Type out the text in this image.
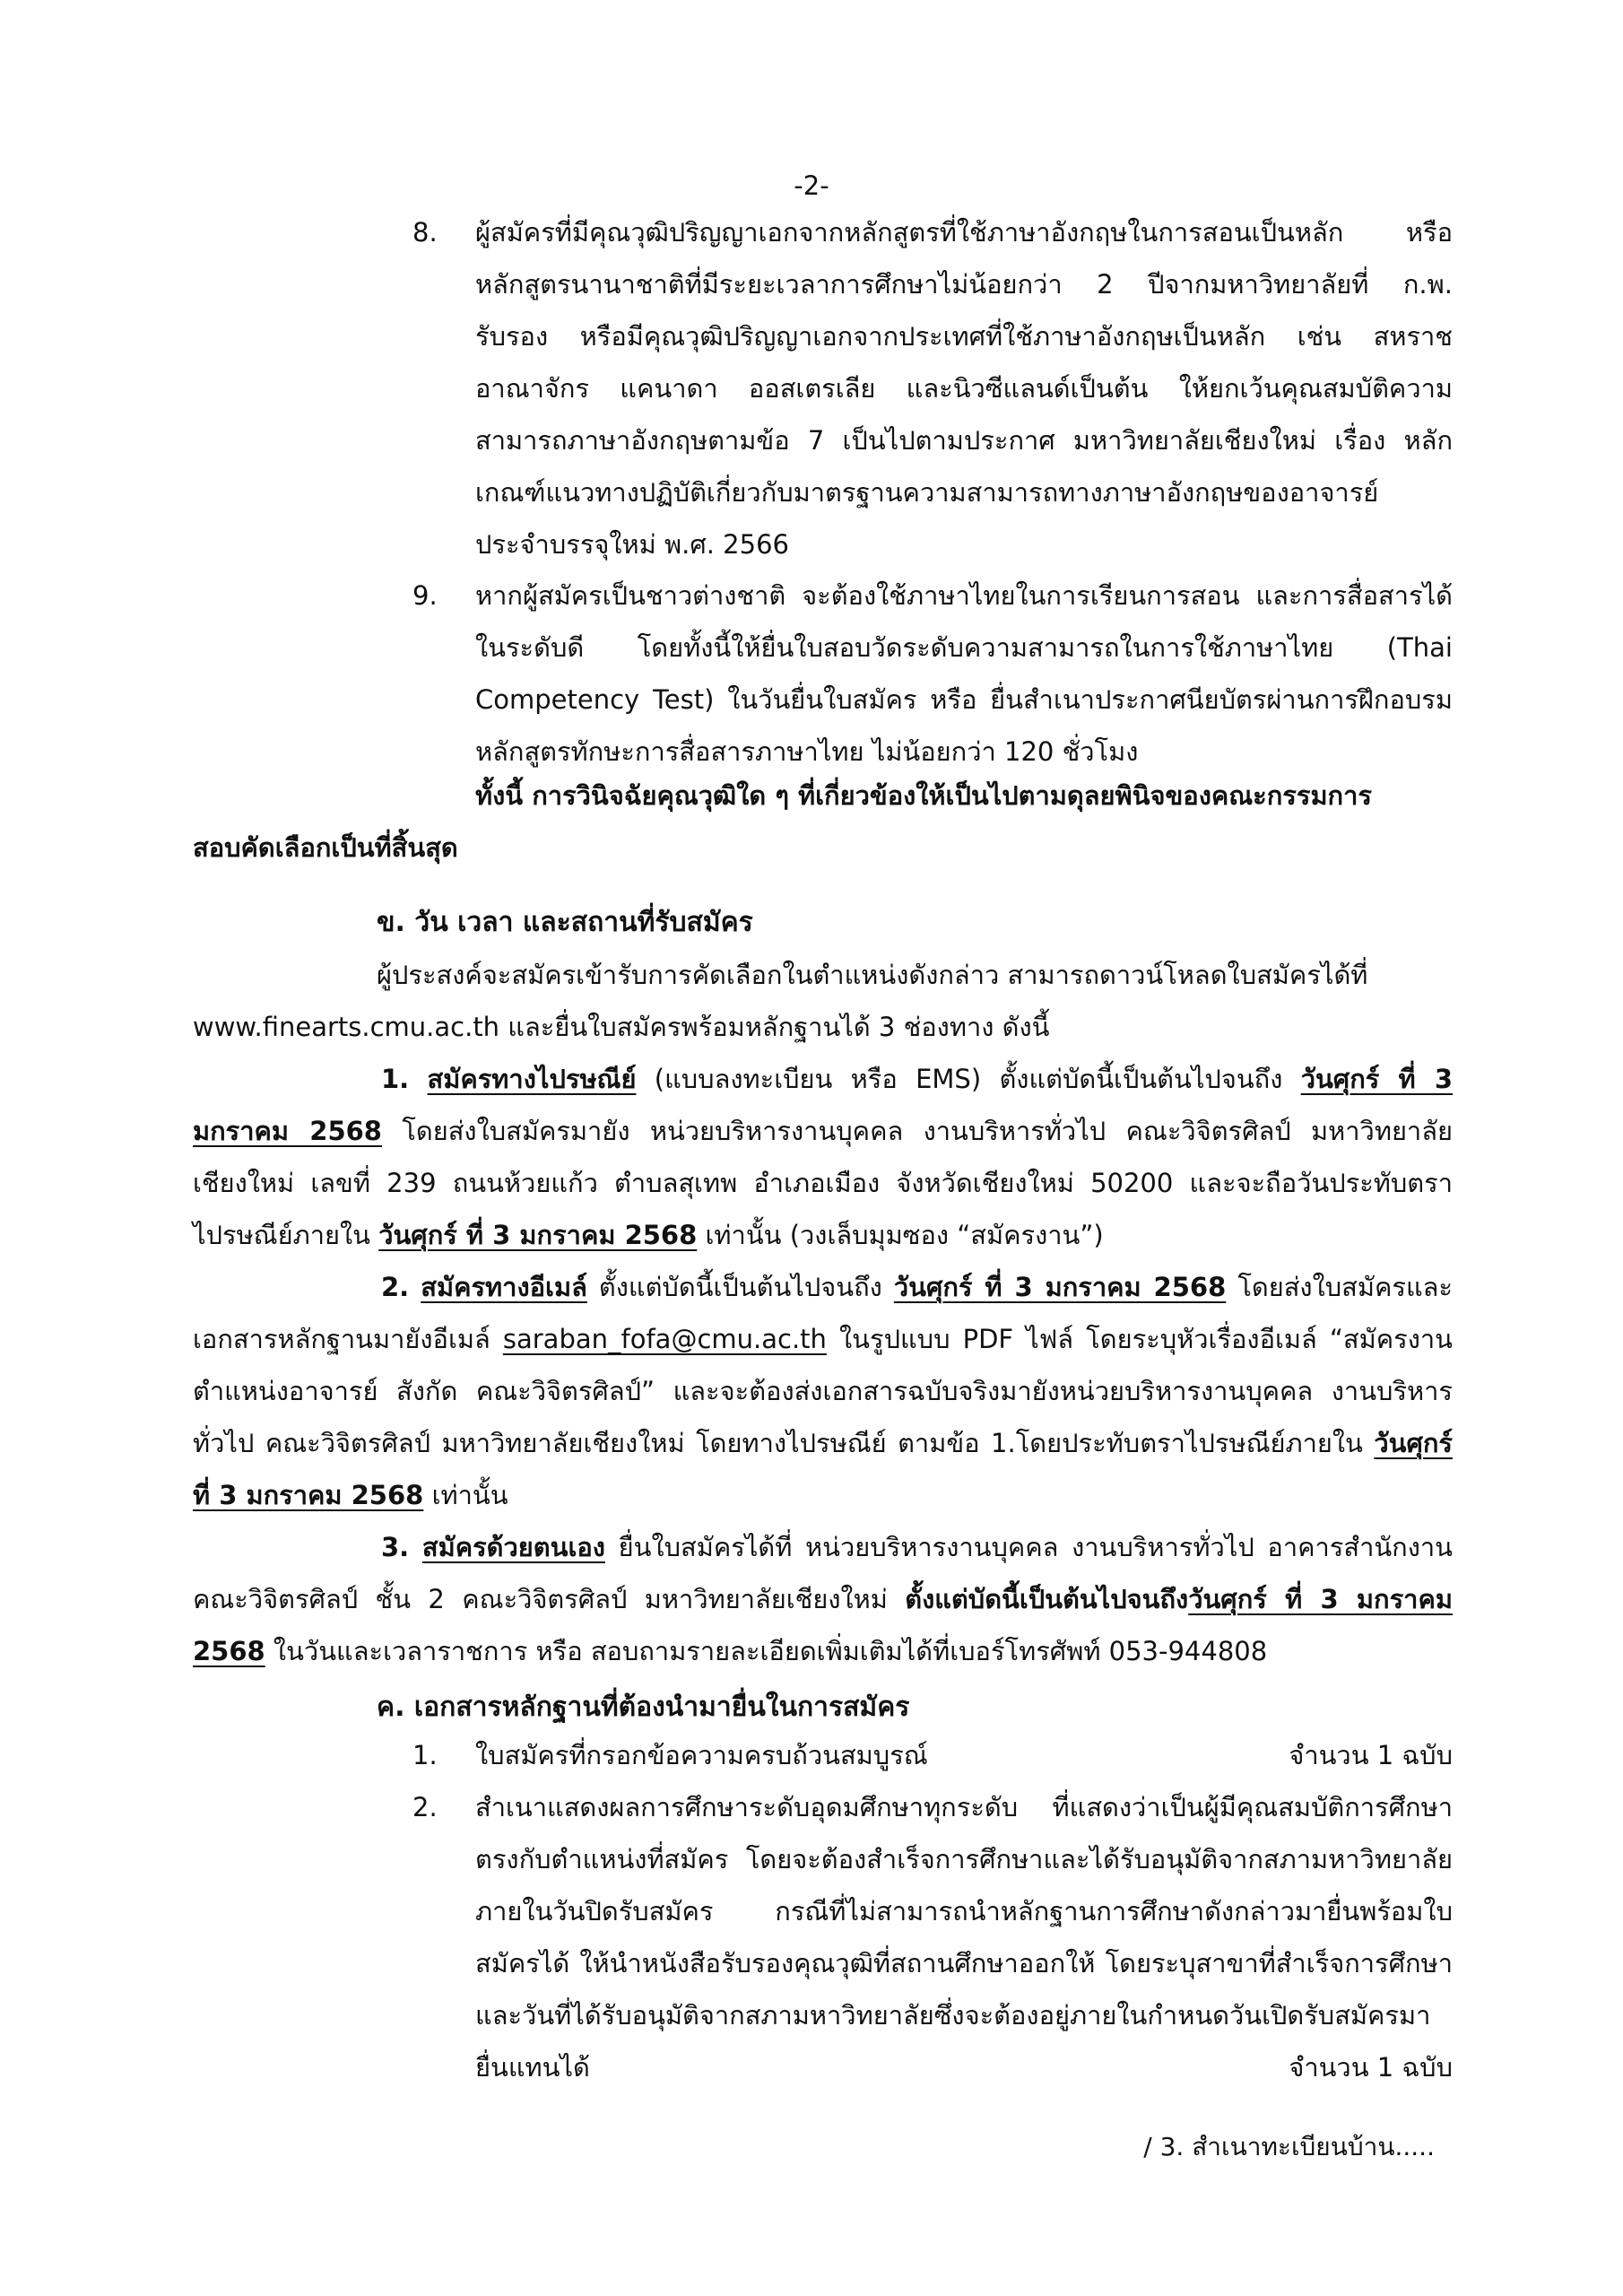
-2-
8. ผู้สมัครที่มีคุณวุฒิปริญญาเอกจากหลักสูตรที่ใช้ภาษาอังกฤษในการสอนเป็นหลัก หรือหลักสูตรนานาชาติที่มีระยะเวลาการศึกษาไม่น้อยกว่า 2 ปีจากมหาวิทยาลัยที่ ก.พ. รับรอง หรือมีคุณวุฒิปริญญาเอกจากประเทศที่ใช้ภาษาอังกฤษเป็นหลัก เช่น สหราชอาณาจักร แคนาดา ออสเตรเลีย และนิวซีแลนด์เป็นต้น ให้ยกเว้นคุณสมบัติความสามารถภาษาอังกฤษตามข้อ 7 เป็นไปตามประกาศ มหาวิทยาลัยเชียงใหม่ เรื่อง หลักเกณฑ์แนวทางปฏิบัติเกี่ยวกับมาตรฐานความสามารถทางภาษาอังกฤษของอาจารย์ประจำบรรจุใหม่ พ.ศ. 2566
9. หากผู้สมัครเป็นชาวต่างชาติ จะต้องใช้ภาษาไทยในการเรียนการสอน และการสื่อสารได้ในระดับดี โดยทั้งนี้ให้ยื่นใบสอบวัดระดับความสามารถในการใช้ภาษาไทย (Thai Competency Test) ในวันยื่นใบสมัคร หรือ ยื่นสำเนาประกาศนียบัตรผ่านการฝึกอบรมหลักสูตรทักษะการสื่อสารภาษาไทย ไม่น้อยกว่า 120 ชั่วโมง
ทั้งนี้ การวินิจฉัยคุณวุฒิใด ๆ ที่เกี่ยวข้องให้เป็นไปตามดุลยพินิจของคณะกรรมการ
สอบคัดเลือกเป็นที่สิ้นสุด
ข. วัน เวลา และสถานที่รับสมัคร
ผู้ประสงค์จะสมัครเข้ารับการคัดเลือกในตำแหน่งดังกล่าว สามารถดาวน์โหลดใบสมัครได้ที่
www.finearts.cmu.ac.th และยื่นใบสมัครพร้อมหลักฐานได้ 3 ช่องทาง ดังนี้
1. สมัครทางไปรษณีย์ (แบบลงทะเบียน หรือ EMS) ตั้งแต่บัดนี้เป็นต้นไปจนถึง วันศุกร์ ที่ 3 มกราคม 2568 โดยส่งใบสมัครมายัง หน่วยบริหารงานบุคคล งานบริหารทั่วไป คณะวิจิตรศิลป์ มหาวิทยาลัยเชียงใหม่ เลขที่ 239 ถนนห้วยแก้ว ตำบลสุเทพ อำเภอเมือง จังหวัดเชียงใหม่ 50200 และจะถือวันประทับตราไปรษณีย์ภายใน วันศุกร์ ที่ 3 มกราคม 2568 เท่านั้น (วงเล็บมุมซอง “สมัครงาน”)
2. สมัครทางอีเมล์ ตั้งแต่บัดนี้เป็นต้นไปจนถึง วันศุกร์ ที่ 3 มกราคม 2568 โดยส่งใบสมัครและเอกสารหลักฐานมายังอีเมล์ saraban_fofa@cmu.ac.th ในรูปแบบ PDF ไฟล์ โดยระบุหัวเรื่องอีเมล์ “สมัครงานตำแหน่งอาจารย์ สังกัด คณะวิจิตรศิลป์” และจะต้องส่งเอกสารฉบับจริงมายังหน่วยบริหารงานบุคคล งานบริหารทั่วไป คณะวิจิตรศิลป์ มหาวิทยาลัยเชียงใหม่ โดยทางไปรษณีย์ ตามข้อ 1.โดยประทับตราไปรษณีย์ภายใน วันศุกร์ ที่ 3 มกราคม 2568 เท่านั้น
3. สมัครด้วยตนเอง ยื่นใบสมัครได้ที่ หน่วยบริหารงานบุคคล งานบริหารทั่วไป อาคารสำนักงานคณะวิจิตรศิลป์ ชั้น 2 คณะวิจิตรศิลป์ มหาวิทยาลัยเชียงใหม่ ตั้งแต่บัดนี้เป็นต้นไปจนถึงวันศุกร์ ที่ 3 มกราคม 2568 ในวันและเวลาราชการ หรือ สอบถามรายละเอียดเพิ่มเติมได้ที่เบอร์โทรศัพท์ 053-944808
ค. เอกสารหลักฐานที่ต้องนำมายื่นในการสมัคร
1. ใบสมัครที่กรอกข้อความครบถ้วนสมบูรณ์	จำนวน 1 ฉบับ
2. สำเนาแสดงผลการศึกษาระดับอุดมศึกษาทุกระดับ ที่แสดงว่าเป็นผู้มีคุณสมบัติการศึกษาตรงกับตำแหน่งที่สมัคร โดยจะต้องสำเร็จการศึกษาและได้รับอนุมัติจากสภามหาวิทยาลัยภายในวันปิดรับสมัคร กรณีที่ไม่สามารถนำหลักฐานการศึกษาดังกล่าวมายื่นพร้อมใบสมัครได้ ให้นำหนังสือรับรองคุณวุฒิที่สถานศึกษาออกให้ โดยระบุสาขาที่สำเร็จการศึกษา และวันที่ได้รับอนุมัติจากสภามหาวิทยาลัยซึ่งจะต้องอยู่ภายในกำหนดวันเปิดรับสมัครมายื่นแทนได้	จำนวน 1 ฉบับ
/ 3. สำเนาทะเบียนบ้าน.....
